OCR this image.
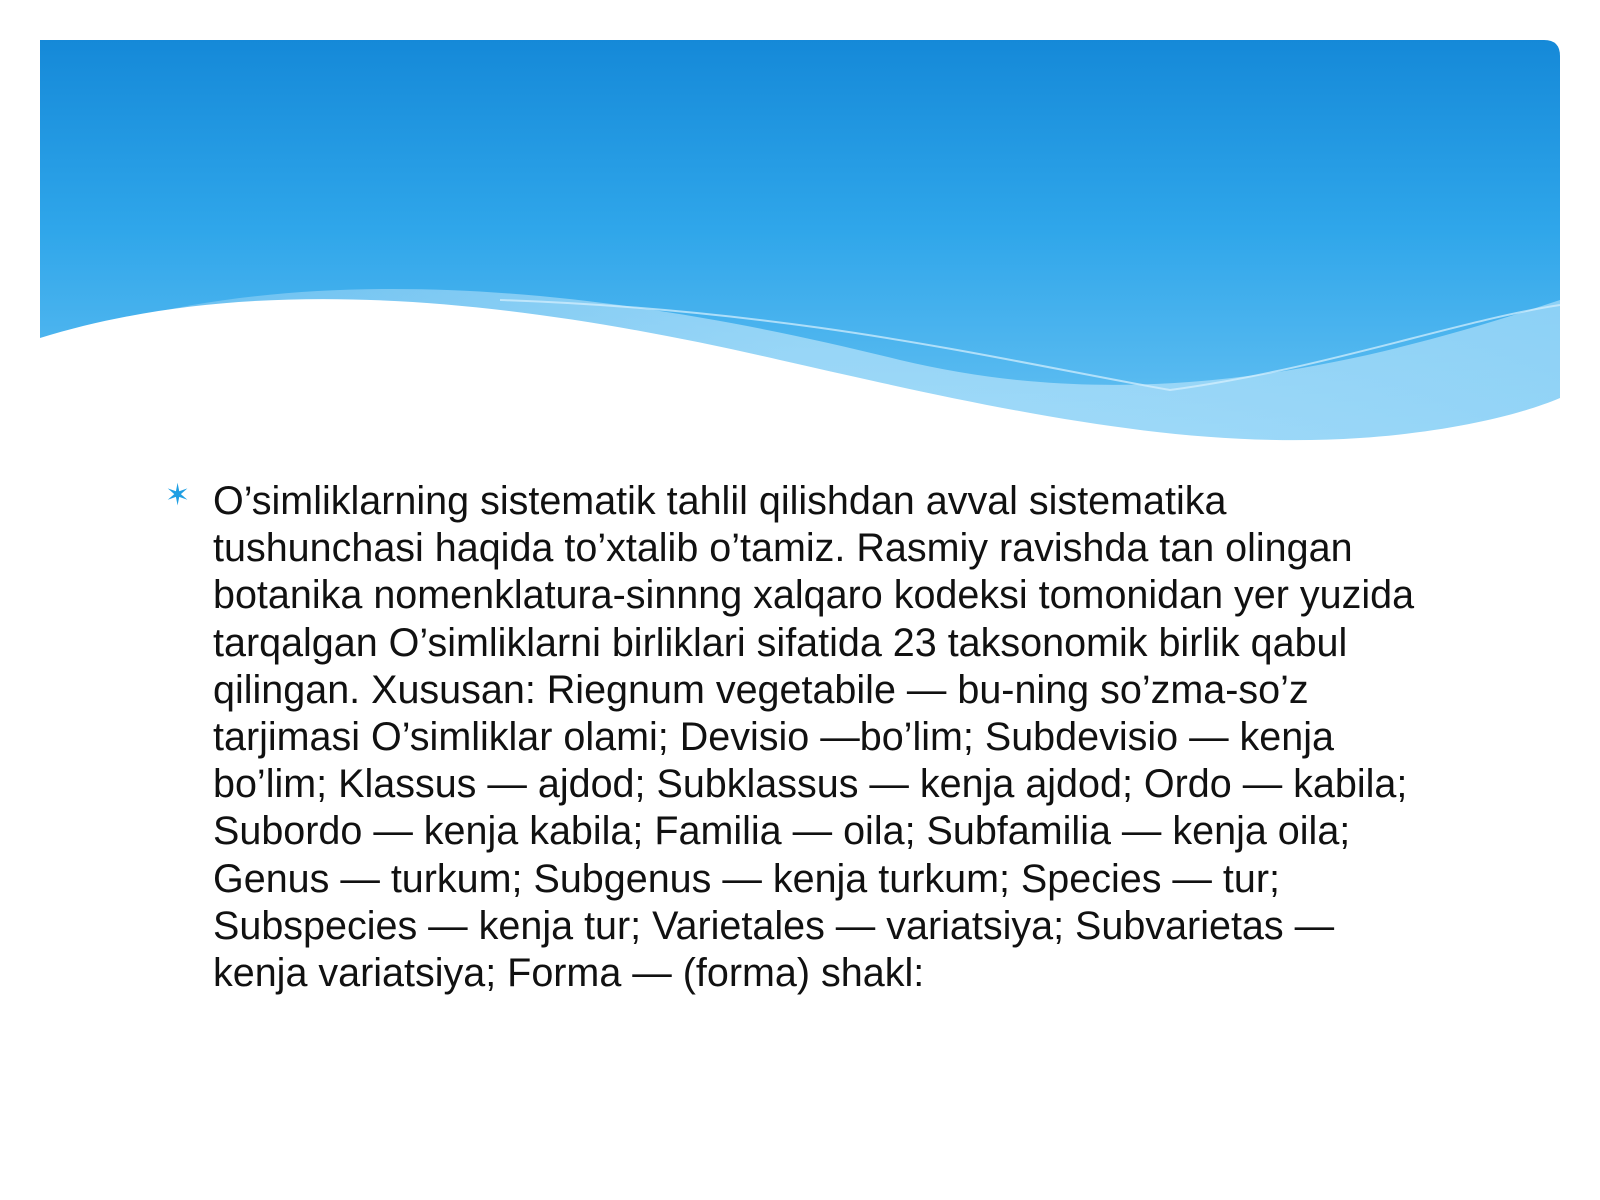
✶ O’simliklarning sistematik tahlil qilishdan avval sistematika tushunchasi haqida to’xtalib o’tamiz. Rasmiy ravishda tan olingan botanika nomenklatura-sinnng xalqaro kodeksi tomonidan yer yuzida tarqalgan O’simliklarni birliklari sifatida 23 taksonomik birlik qabul qilingan. Xususan: Riegnum vegetabile — bu-ning so’zma-so’z tarjimasi O’simliklar olami; Devisio —bo’lim; Subdevisio — kenja bo’lim; Klassus — ajdod; Subklassus — kenja ajdod; Ordo — kabila; Subordo — kenja kabila; Familia — oila; Subfamilia — kenja oila; Genus — turkum; Subgenus — kenja turkum; Species — tur; Subspecies — kenja tur; Varietales — variatsiya; Subvarietas — kenja variatsiya; Forma — (forma) shakl:
